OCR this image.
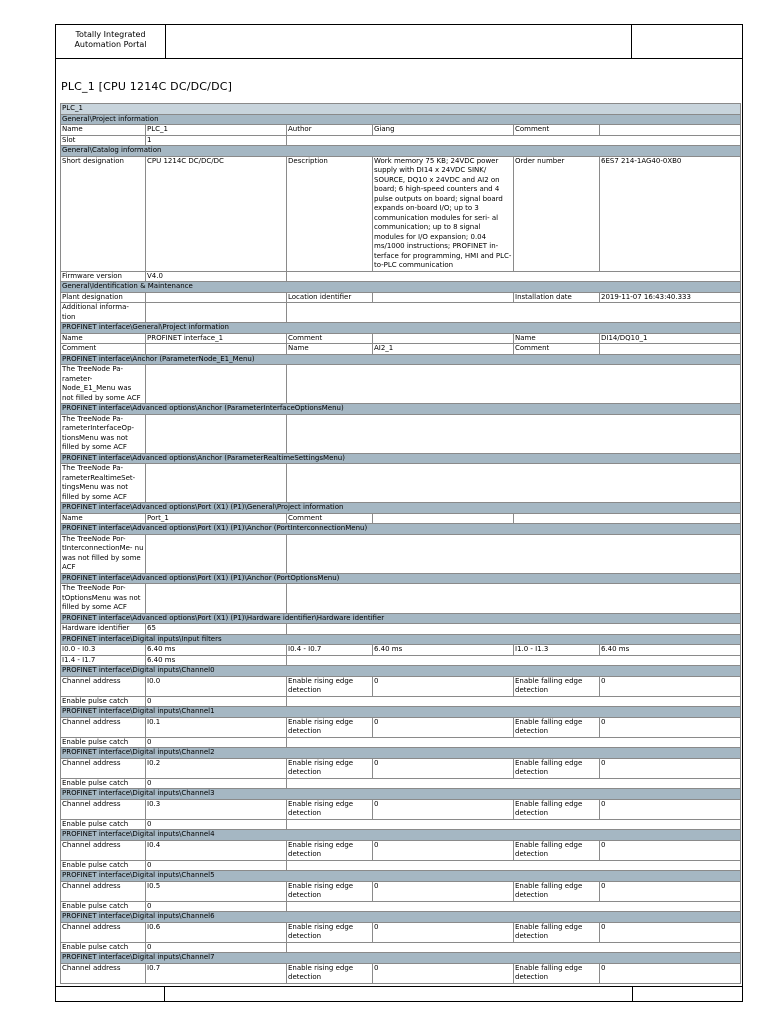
Totally Integrated
Automation Portal
PLC_1 [CPU 1214C DC/DC/DC]
PLC_1					
General\Project information					
Name	PLC_1	Author	Giang	Comment	
Slot	1				
General\Catalog information					
Short designation	CPU 1214C DC/DC/DC	Description	Work memory 75 KB; 24VDC power supply with DI14 x 24VDC SINK/ SOURCE, DQ10 x 24VDC and AI2 on board; 6 high-speed counters and 4 pulse outputs on board; signal board expands on-board I/O; up to 3 communication modules for seri- al communication; up to 8 signal modules for I/O expansion; 0.04 ms/1000 instructions; PROFINET in- terface for programming, HMI and PLC-to-PLC communication	Order number	6ES7 214-1AG40-0XB0
Firmware version	V4.0				
General\Identification & Maintenance					
Plant designation		Location identifier		Installation date	2019-11-07 16:43:40.333
Additional informa- tion					
PROFINET interface\General\Project information					
Name	PROFINET interface_1	Comment		Name	DI14/DQ10_1
Comment		Name	AI2_1	Comment	
PROFINET interface\Anchor (ParameterNode_E1_Menu)					
The TreeNode Pa- rameter- Node_E1_Menu was not filled by some ACF					
PROFINET interface\Advanced options\Anchor (ParameterInterfaceOptionsMenu)					
The TreeNode Pa- rameterInterfaceOp- tionsMenu was not filled by some ACF					
PROFINET interface\Advanced options\Anchor (ParameterRealtimeSettingsMenu)					
The TreeNode Pa- rameterRealtimeSet- tingsMenu was not filled by some ACF					
PROFINET interface\Advanced options\Port (X1) (P1)\General\Project information					
Name	Port_1	Comment			
PROFINET interface\Advanced options\Port (X1) (P1)\Anchor (PortInterconnectionMenu)					
The TreeNode Por- tInterconnectionMe- nu was not filled by some ACF					
PROFINET interface\Advanced options\Port (X1) (P1)\Anchor (PortOptionsMenu)					
The TreeNode Por- tOptionsMenu was not filled by some ACF					
PROFINET interface\Advanced options\Port (X1) (P1)\Hardware identifier\Hardware identifier					
Hardware identifier	65				
PROFINET interface\Digital inputs\Input filters					
I0.0 - I0.3	6.40 ms	I0.4 - I0.7	6.40 ms	I1.0 - I1.3	6.40 ms
I1.4 - I1.7	6.40 ms				
PROFINET interface\Digital inputs\Channel0					
Channel address	I0.0	Enable rising edge detection	0	Enable falling edge detection	0
Enable pulse catch	0				
PROFINET interface\Digital inputs\Channel1					
Channel address	I0.1	Enable rising edge detection	0	Enable falling edge detection	0
Enable pulse catch	0				
PROFINET interface\Digital inputs\Channel2					
Channel address	I0.2	Enable rising edge detection	0	Enable falling edge detection	0
Enable pulse catch	0				
PROFINET interface\Digital inputs\Channel3					
Channel address	I0.3	Enable rising edge detection	0	Enable falling edge detection	0
Enable pulse catch	0				
PROFINET interface\Digital inputs\Channel4					
Channel address	I0.4	Enable rising edge detection	0	Enable falling edge detection	0
Enable pulse catch	0				
PROFINET interface\Digital inputs\Channel5					
Channel address	I0.5	Enable rising edge detection	0	Enable falling edge detection	0
Enable pulse catch	0				
PROFINET interface\Digital inputs\Channel6					
Channel address	I0.6	Enable rising edge detection	0	Enable falling edge detection	0
Enable pulse catch	0				
PROFINET interface\Digital inputs\Channel7					
Channel address	I0.7	Enable rising edge detection	0	Enable falling edge detection	0
